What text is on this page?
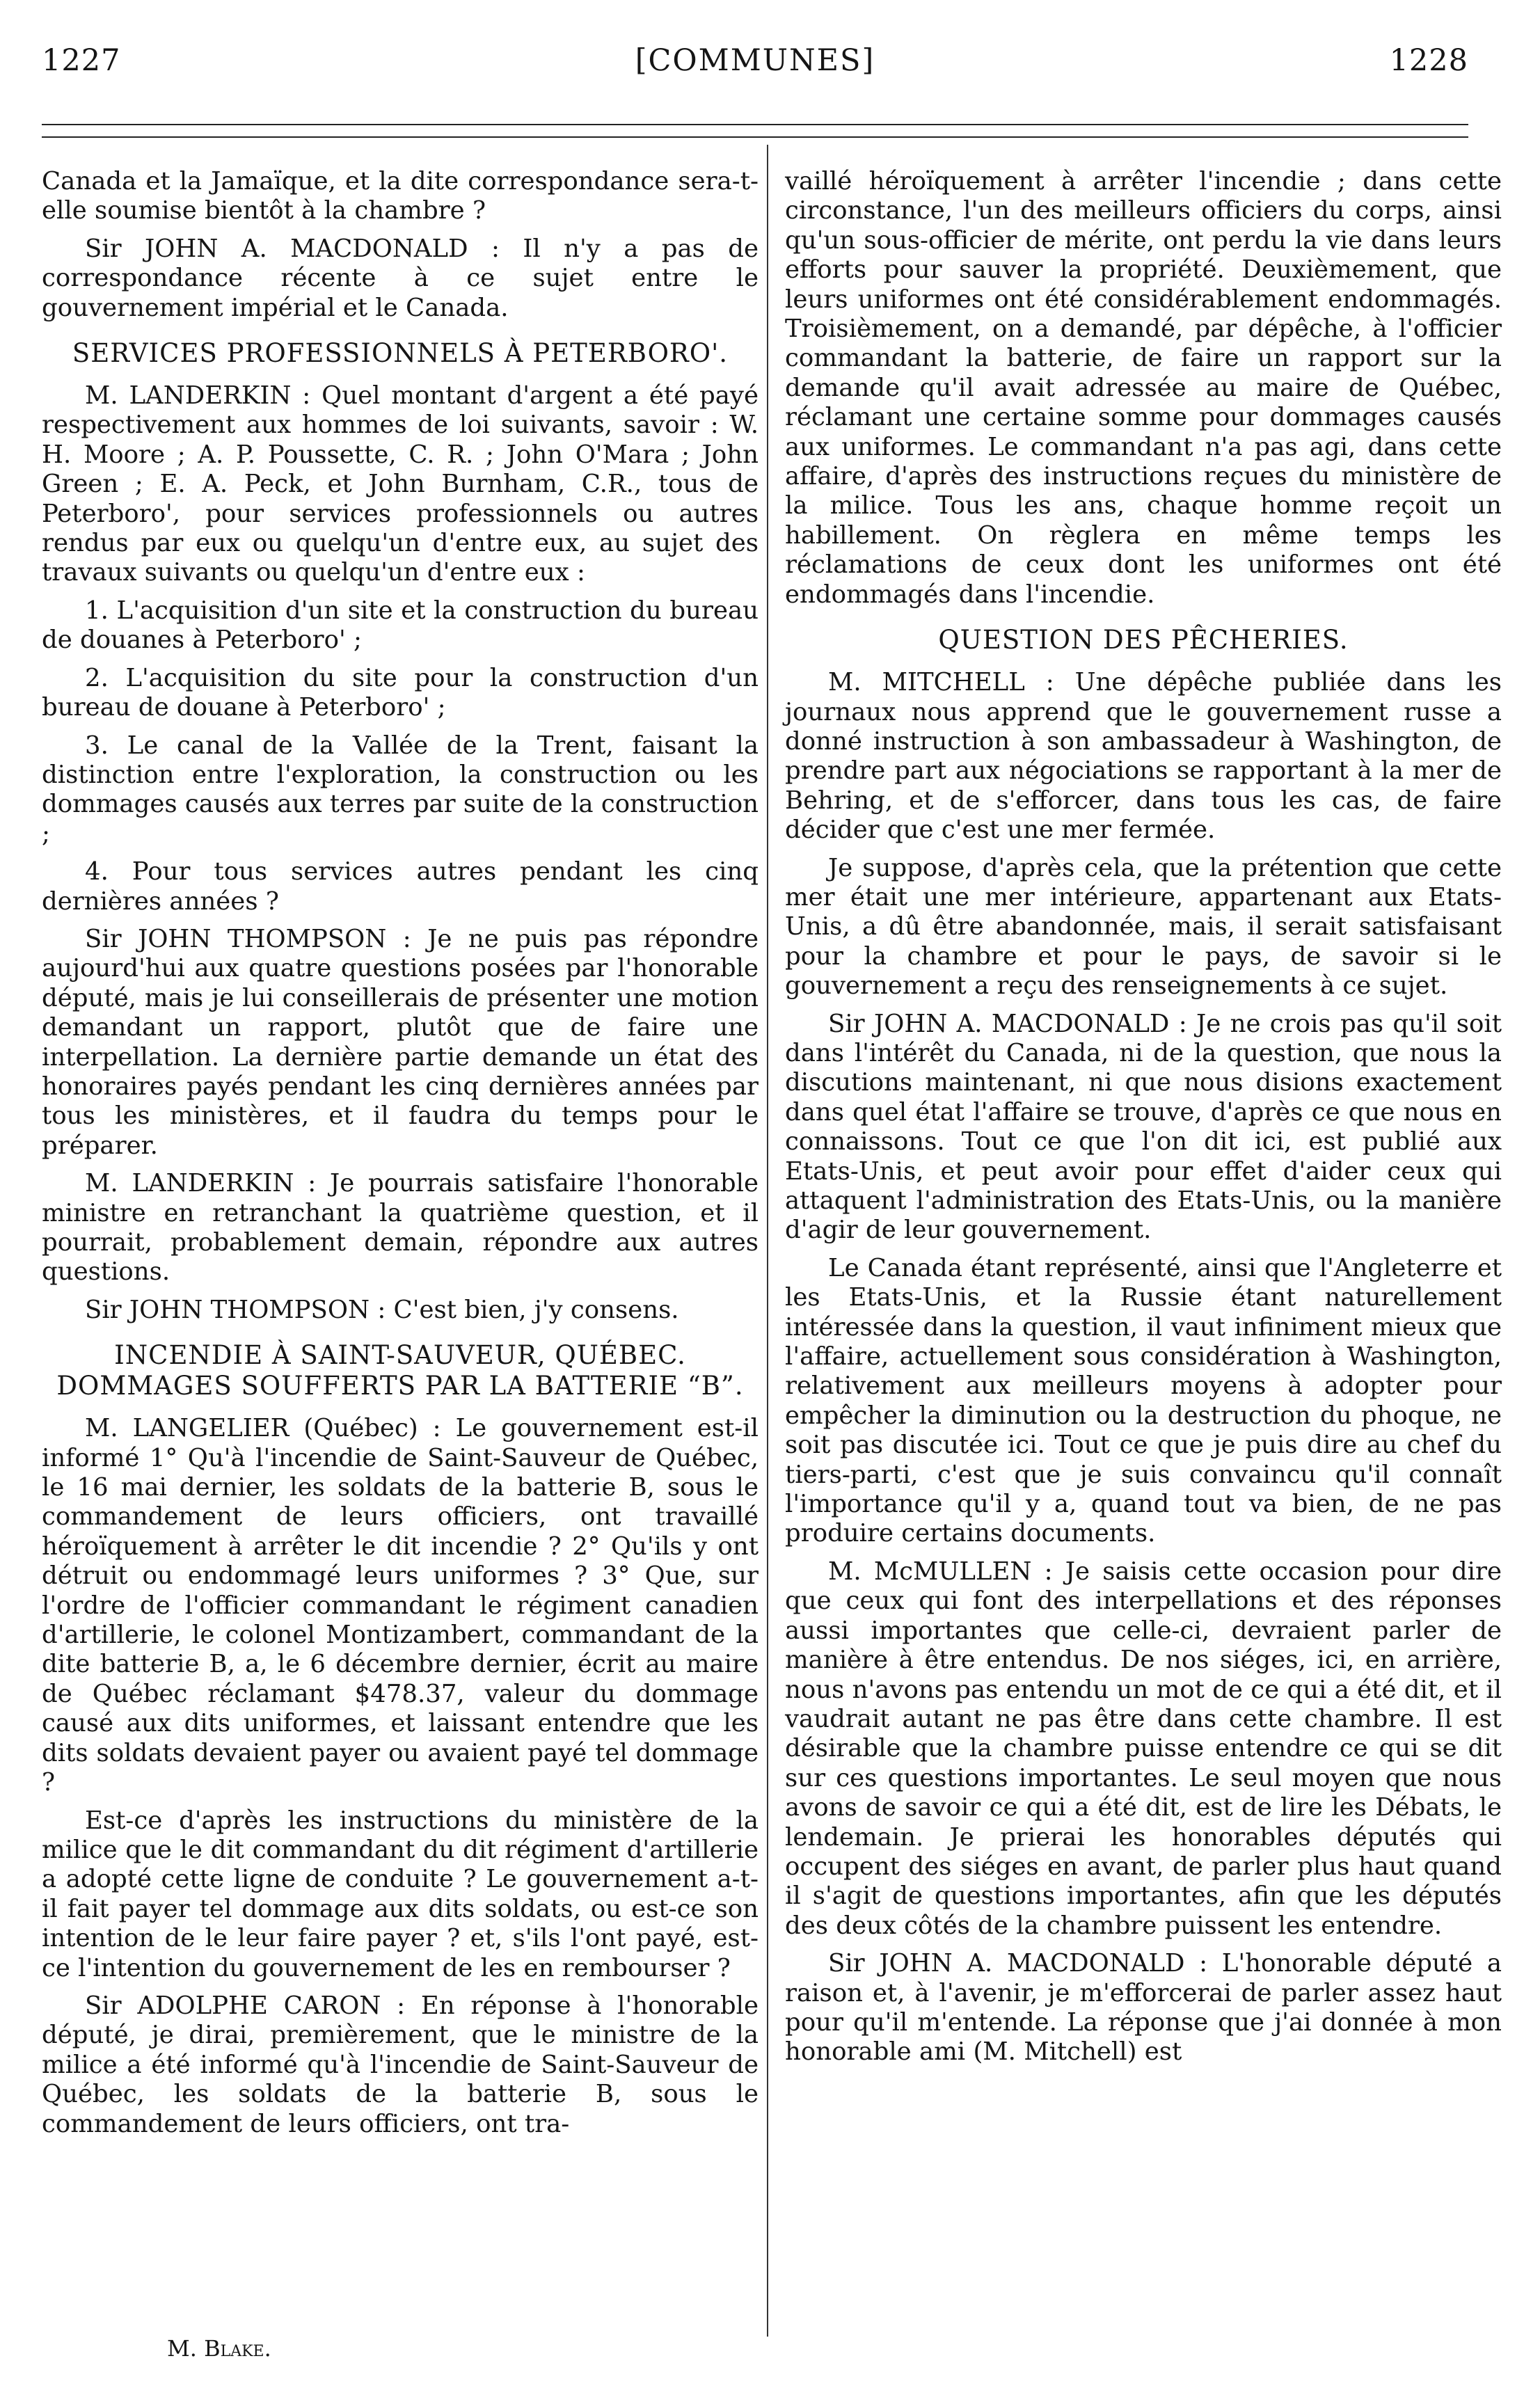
1227	[COMMUNES]	1228

Canada et la Jamaïque, et la dite correspondance sera-t-elle soumise bientôt à la chambre ?

Sir JOHN A. MACDONALD : Il n'y a pas de correspondance récente à ce sujet entre le gouvernement impérial et le Canada.

SERVICES PROFESSIONNELS À PETERBORO'.

M. LANDERKIN : Quel montant d'argent a été payé respectivement aux hommes de loi suivants, savoir : W. H. Moore ; A. P. Poussette, C. R. ; John O'Mara ; John Green ; E. A. Peck, et John Burnham, C.R., tous de Peterboro', pour services professionnels ou autres rendus par eux ou quelqu'un d'entre eux, au sujet des travaux suivants ou quelqu'un d'entre eux :

1. L'acquisition d'un site et la construction du bureau de douanes à Peterboro' ;

2. L'acquisition du site pour la construction d'un bureau de douane à Peterboro' ;

3. Le canal de la Vallée de la Trent, faisant la distinction entre l'exploration, la construction ou les dommages causés aux terres par suite de la construction ;

4. Pour tous services autres pendant les cinq dernières années ?

Sir JOHN THOMPSON : Je ne puis pas répondre aujourd'hui aux quatre questions posées par l'honorable député, mais je lui conseillerais de présenter une motion demandant un rapport, plutôt que de faire une interpellation. La dernière partie demande un état des honoraires payés pendant les cinq dernières années par tous les ministères, et il faudra du temps pour le préparer.

M. LANDERKIN : Je pourrais satisfaire l'honorable ministre en retranchant la quatrième question, et il pourrait, probablement demain, répondre aux autres questions.

Sir JOHN THOMPSON : C'est bien, j'y consens.

INCENDIE À SAINT-SAUVEUR, QUÉBEC. DOMMAGES SOUFFERTS PAR LA BATTERIE “B”.

M. LANGELIER (Québec) : Le gouvernement est-il informé 1° Qu'à l'incendie de Saint-Sauveur de Québec, le 16 mai dernier, les soldats de la batterie B, sous le commandement de leurs officiers, ont travaillé héroïquement à arrêter le dit incendie ? 2° Qu'ils y ont détruit ou endommagé leurs uniformes ? 3° Que, sur l'ordre de l'officier commandant le régiment canadien d'artillerie, le colonel Montizambert, commandant de la dite batterie B, a, le 6 décembre dernier, écrit au maire de Québec réclamant $478.37, valeur du dommage causé aux dits uniformes, et laissant entendre que les dits soldats devaient payer ou avaient payé tel dommage ?

Est-ce d'après les instructions du ministère de la milice que le dit commandant du dit régiment d'artillerie a adopté cette ligne de conduite ? Le gouvernement a-t-il fait payer tel dommage aux dits soldats, ou est-ce son intention de le leur faire payer ? et, s'ils l'ont payé, est-ce l'intention du gouvernement de les en rembourser ?

Sir ADOLPHE CARON : En réponse à l'honorable député, je dirai, premièrement, que le ministre de la milice a été informé qu'à l'incendie de Saint-Sauveur de Québec, les soldats de la batterie B, sous le commandement de leurs officiers, ont tra-

vaillé héroïquement à arrêter l'incendie ; dans cette circonstance, l'un des meilleurs officiers du corps, ainsi qu'un sous-officier de mérite, ont perdu la vie dans leurs efforts pour sauver la propriété. Deuxièmement, que leurs uniformes ont été considérablement endommagés. Troisièmement, on a demandé, par dépêche, à l'officier commandant la batterie, de faire un rapport sur la demande qu'il avait adressée au maire de Québec, réclamant une certaine somme pour dommages causés aux uniformes. Le commandant n'a pas agi, dans cette affaire, d'après des instructions reçues du ministère de la milice. Tous les ans, chaque homme reçoit un habillement. On règlera en même temps les réclamations de ceux dont les uniformes ont été endommagés dans l'incendie.

QUESTION DES PÊCHERIES.

M. MITCHELL : Une dépêche publiée dans les journaux nous apprend que le gouvernement russe a donné instruction à son ambassadeur à Washington, de prendre part aux négociations se rapportant à la mer de Behring, et de s'efforcer, dans tous les cas, de faire décider que c'est une mer fermée.

Je suppose, d'après cela, que la prétention que cette mer était une mer intérieure, appartenant aux Etats-Unis, a dû être abandonnée, mais, il serait satisfaisant pour la chambre et pour le pays, de savoir si le gouvernement a reçu des renseignements à ce sujet.

Sir JOHN A. MACDONALD : Je ne crois pas qu'il soit dans l'intérêt du Canada, ni de la question, que nous la discutions maintenant, ni que nous disions exactement dans quel état l'affaire se trouve, d'après ce que nous en connaissons. Tout ce que l'on dit ici, est publié aux Etats-Unis, et peut avoir pour effet d'aider ceux qui attaquent l'administration des Etats-Unis, ou la manière d'agir de leur gouvernement.

Le Canada étant représenté, ainsi que l'Angleterre et les Etats-Unis, et la Russie étant naturellement intéressée dans la question, il vaut infiniment mieux que l'affaire, actuellement sous considération à Washington, relativement aux meilleurs moyens à adopter pour empêcher la diminution ou la destruction du phoque, ne soit pas discutée ici. Tout ce que je puis dire au chef du tiers-parti, c'est que je suis convaincu qu'il connaît l'importance qu'il y a, quand tout va bien, de ne pas produire certains documents.

M. McMULLEN : Je saisis cette occasion pour dire que ceux qui font des interpellations et des réponses aussi importantes que celle-ci, devraient parler de manière à être entendus. De nos siéges, ici, en arrière, nous n'avons pas entendu un mot de ce qui a été dit, et il vaudrait autant ne pas être dans cette chambre. Il est désirable que la chambre puisse entendre ce qui se dit sur ces questions importantes. Le seul moyen que nous avons de savoir ce qui a été dit, est de lire les Débats, le lendemain. Je prierai les honorables députés qui occupent des siéges en avant, de parler plus haut quand il s'agit de questions importantes, afin que les députés des deux côtés de la chambre puissent les entendre.

Sir JOHN A. MACDONALD : L'honorable député a raison et, à l'avenir, je m'efforcerai de parler assez haut pour qu'il m'entende. La réponse que j'ai donnée à mon honorable ami (M. Mitchell) est

M. Blake.
